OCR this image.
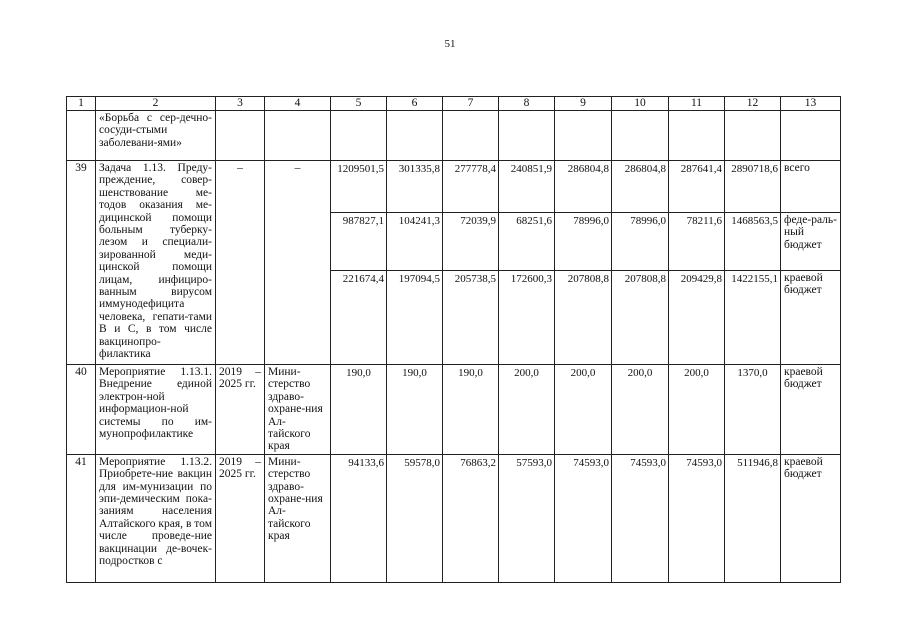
51
1	2	3	4	5	6	7	8	9	10	11	12	13
	«Борьба с сер-дечно-сосуди-стыми заболевани-ями»											
39	Задача 1.13. Преду-преждение, совер-шенствование ме-тодов оказания ме-дицинской помощи больным туберку-лезом и специали-зированной меди-цинской помощи лицам, инфициро-ванным вирусом иммунодефицита человека, гепати-тами В и С, в том числе вакцинопро-филактика	–	–	1209501,5	301335,8	277778,4	240851,9	286804,8	286804,8	287641,4	2890718,6	всего
				987827,1	104241,3	72039,9	68251,6	78996,0	78996,0	78211,6	1468563,5	феде-раль-ный бюджет
				221674,4	197094,5	205738,5	172600,3	207808,8	207808,8	209429,8	1422155,1	краевой бюджет
40	Мероприятие 1.13.1. Внедрение единой электрон-ной информацион-ной системы по им-мунопрофилактике	2019 – 2025 гг.	Мини-стерство здраво-охране-ния Ал-тайского края	190,0	190,0	190,0	200,0	200,0	200,0	200,0	1370,0	краевой бюджет
41	Мероприятие 1.13.2. Приобрете-ние вакцин для им-мунизации по эпи-демическим пока-заниям населения Алтайского края, в том числе проведе-ние вакцинации де-вочек-подростков с	2019 – 2025 гг.	Мини-стерство здраво-охране-ния Ал-тайского края	94133,6	59578,0	76863,2	57593,0	74593,0	74593,0	74593,0	511946,8	краевой бюджет
